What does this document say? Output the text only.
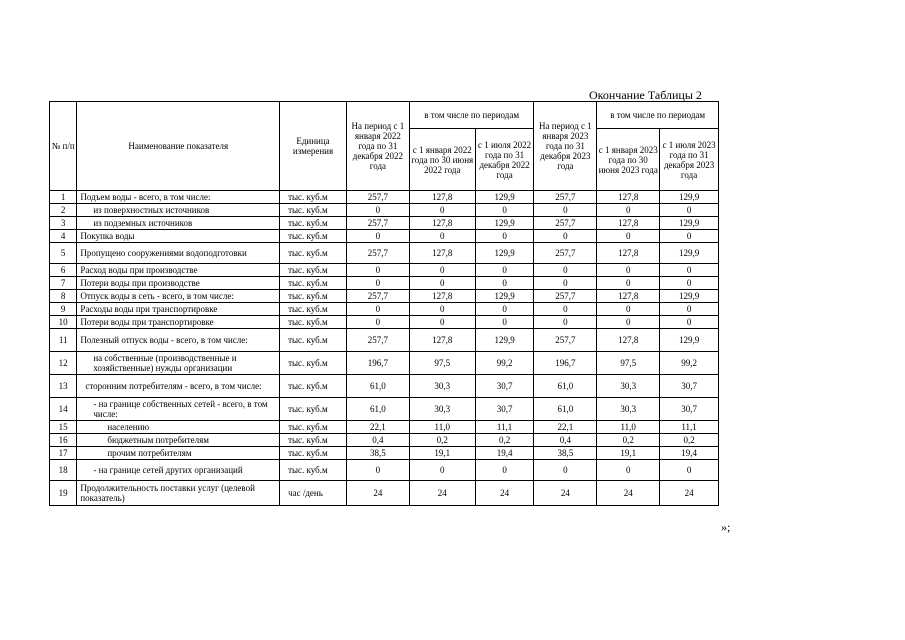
Окончание Таблицы 2
№ п/п	Наименование показателя	Единица измерения	На период с 1 января 2022 года по 31 декабря 2022 года	в том числе по периодам		На период с 1 января 2023 года по 31 декабря 2023 года	в том числе по периодам	
				с 1 января 2022 года по 30 июня 2022 года	с 1 июля 2022 года по 31 декабря 2022 года		с 1 января 2023 года по 30 июня 2023 года	с 1 июля 2023 года по 31 декабря 2023 года
1	Подъем воды - всего, в том числе:	тыс. куб.м	257,7	127,8	129,9	257,7	127,8	129,9
2	из поверхностных источников	тыс. куб.м	0	0	0	0	0	0
3	из подземных источников	тыс. куб.м	257,7	127,8	129,9	257,7	127,8	129,9
4	Покупка воды	тыс. куб.м	0	0	0	0	0	0
5	Пропущено сооружениями водоподготовки	тыс. куб.м	257,7	127,8	129,9	257,7	127,8	129,9
6	Расход воды при производстве	тыс. куб.м	0	0	0	0	0	0
7	Потери воды при производстве	тыс. куб.м	0	0	0	0	0	0
8	Отпуск воды в сеть - всего, в том числе:	тыс. куб.м	257,7	127,8	129,9	257,7	127,8	129,9
9	Расходы воды при транспортировке	тыс. куб.м	0	0	0	0	0	0
10	Потери воды при транспортировке	тыс. куб.м	0	0	0	0	0	0
11	Полезный отпуск воды - всего, в том числе:	тыс. куб.м	257,7	127,8	129,9	257,7	127,8	129,9
12	на собственные (производственные и хозяйственные) нужды организации	тыс. куб.м	196,7	97,5	99,2	196,7	97,5	99,2
13	сторонним потребителям - всего, в том числе:	тыс. куб.м	61,0	30,3	30,7	61,0	30,3	30,7
14	- на границе собственных сетей - всего, в том числе:	тыс. куб.м	61,0	30,3	30,7	61,0	30,3	30,7
15	населению	тыс. куб.м	22,1	11,0	11,1	22,1	11,0	11,1
16	бюджетным потребителям	тыс. куб.м	0,4	0,2	0,2	0,4	0,2	0,2
17	прочим потребителям	тыс. куб.м	38,5	19,1	19,4	38,5	19,1	19,4
18	- на границе сетей других организаций	тыс. куб.м	0	0	0	0	0	0
19	Продолжительность поставки услуг (целевой показатель)	час /день	24	24	24	24	24	24
»;
